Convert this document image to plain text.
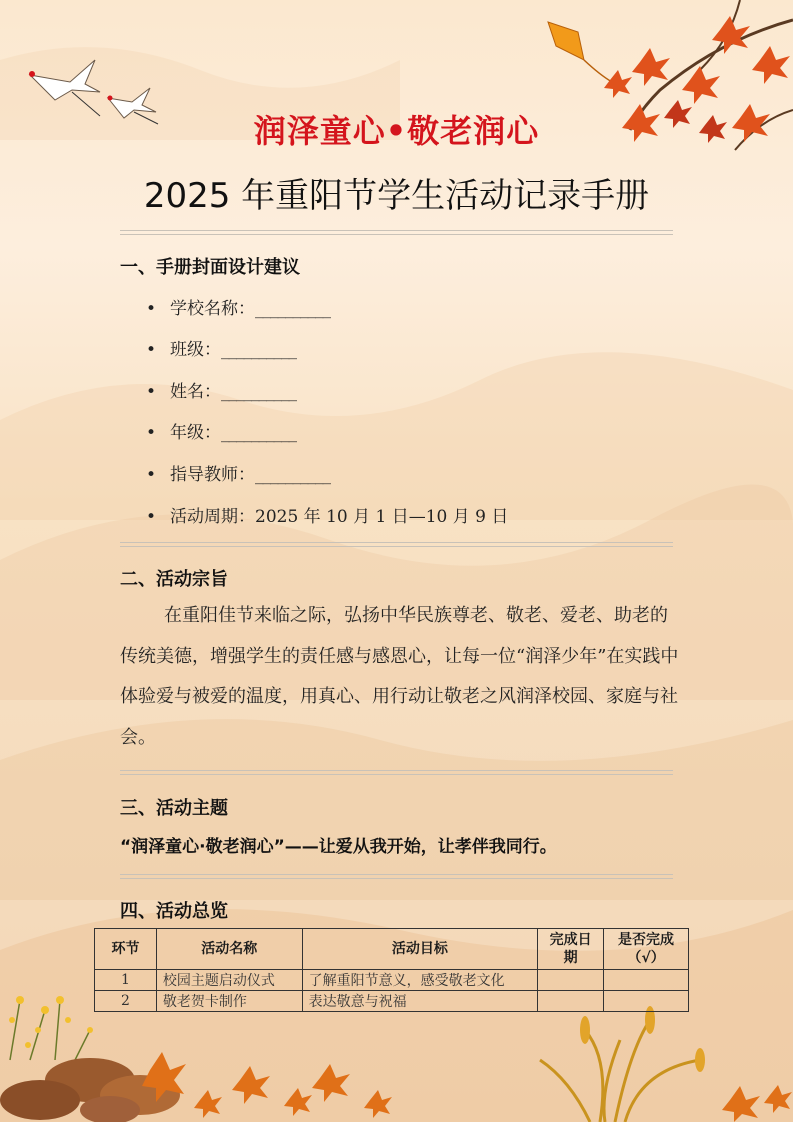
润泽童心•敬老润心
2025 年重阳节学生活动记录手册
一、手册封面设计建议
• 学校名称：__________
• 班级：__________
• 姓名：__________
• 年级：__________
• 指导教师：__________
• 活动周期：2025 年 10 月 1 日—10 月 9 日
二、活动宗旨
在重阳佳节来临之际，弘扬中华民族尊老、敬老、爱老、助老的传统美德，增强学生的责任感与感恩心，让每一位“润泽少年”在实践中体验爱与被爱的温度，用真心、用行动让敬老之风润泽校园、家庭与社会。
三、活动主题
“润泽童心·敬老润心”——让爱从我开始，让孝伴我同行。
四、活动总览
环节	活动名称	活动目标	完成日期	是否完成（√）
1	校园主题启动仪式	了解重阳节意义，感受敬老文化		
2	敬老贺卡制作	表达敬意与祝福		
